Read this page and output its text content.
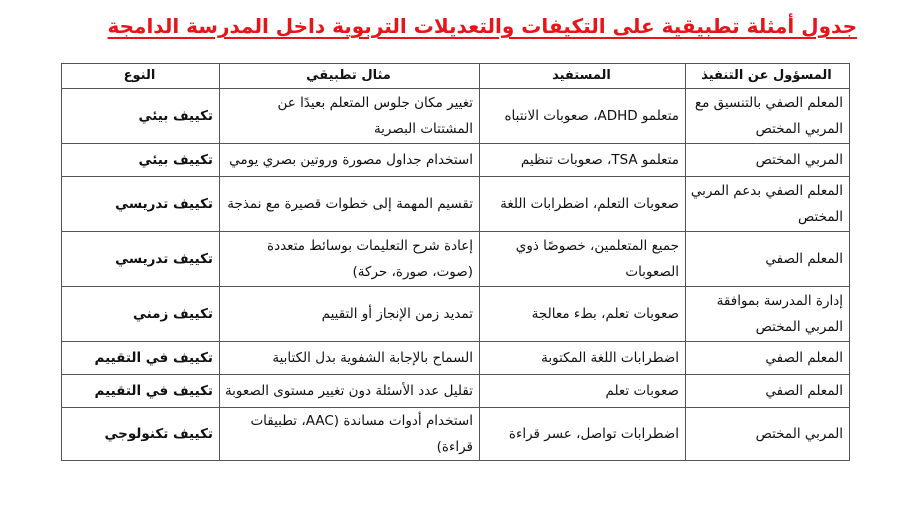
جدول أمثلة تطبيقية على التكيفات والتعديلات التربوية داخل المدرسة الدامجة
المسؤول عن التنفيذ	المستفيد	مثال تطبيقي	النوع
المعلم الصفي بالتنسيق مع المربي المختص	متعلمو ADHD، صعوبات الانتباه	تغيير مكان جلوس المتعلم بعيدًا عن المشتتات البصرية	تكييف بيئي
المربي المختص	متعلمو TSA، صعوبات تنظيم	استخدام جداول مصورة وروتين بصري يومي	تكييف بيئي
المعلم الصفي بدعم المربي المختص	صعوبات التعلم، اضطرابات اللغة	تقسيم المهمة إلى خطوات قصيرة مع نمذجة	تكييف تدريسي
المعلم الصفي	جميع المتعلمين، خصوصًا ذوي الصعوبات	إعادة شرح التعليمات بوسائط متعددة (صوت، صورة، حركة)	تكييف تدريسي
إدارة المدرسة بموافقة المربي المختص	صعوبات تعلم، بطء معالجة	تمديد زمن الإنجاز أو التقييم	تكييف زمني
المعلم الصفي	اضطرابات اللغة المكتوبة	السماح بالإجابة الشفوية بدل الكتابية	تكييف في التقييم
المعلم الصفي	صعوبات تعلم	تقليل عدد الأسئلة دون تغيير مستوى الصعوبة	تكييف في التقييم
المربي المختص	اضطرابات تواصل، عسر قراءة	استخدام أدوات مساندة (AAC، تطبيقات قراءة)	تكييف تكنولوجي
